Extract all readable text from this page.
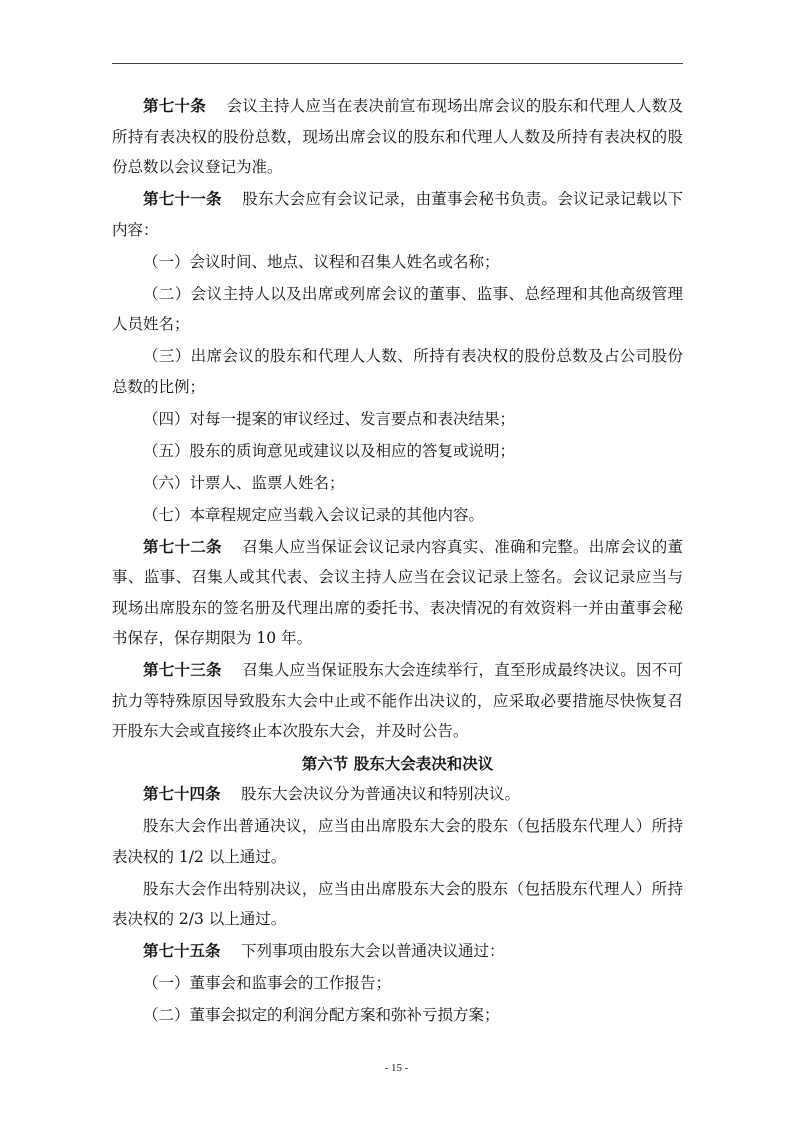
第七十条  会议主持人应当在表决前宣布现场出席会议的股东和代理人人数及所持有表决权的股份总数，现场出席会议的股东和代理人人数及所持有表决权的股份总数以会议登记为准。

第七十一条  股东大会应有会议记录，由董事会秘书负责。会议记录记载以下内容：

（一）会议时间、地点、议程和召集人姓名或名称；

（二）会议主持人以及出席或列席会议的董事、监事、总经理和其他高级管理人员姓名；

（三）出席会议的股东和代理人人数、所持有表决权的股份总数及占公司股份总数的比例；

（四）对每一提案的审议经过、发言要点和表决结果；

（五）股东的质询意见或建议以及相应的答复或说明；

（六）计票人、监票人姓名；

（七）本章程规定应当载入会议记录的其他内容。

第七十二条  召集人应当保证会议记录内容真实、准确和完整。出席会议的董事、监事、召集人或其代表、会议主持人应当在会议记录上签名。会议记录应当与现场出席股东的签名册及代理出席的委托书、表决情况的有效资料一并由董事会秘书保存，保存期限为 10 年。

第七十三条  召集人应当保证股东大会连续举行，直至形成最终决议。因不可抗力等特殊原因导致股东大会中止或不能作出决议的，应采取必要措施尽快恢复召开股东大会或直接终止本次股东大会，并及时公告。

第六节 股东大会表决和决议

第七十四条  股东大会决议分为普通决议和特别决议。

股东大会作出普通决议，应当由出席股东大会的股东（包括股东代理人）所持表决权的 1/2 以上通过。

股东大会作出特别决议，应当由出席股东大会的股东（包括股东代理人）所持表决权的 2/3 以上通过。

第七十五条  下列事项由股东大会以普通决议通过：

（一）董事会和监事会的工作报告；

（二）董事会拟定的利润分配方案和弥补亏损方案；

- 15 -
